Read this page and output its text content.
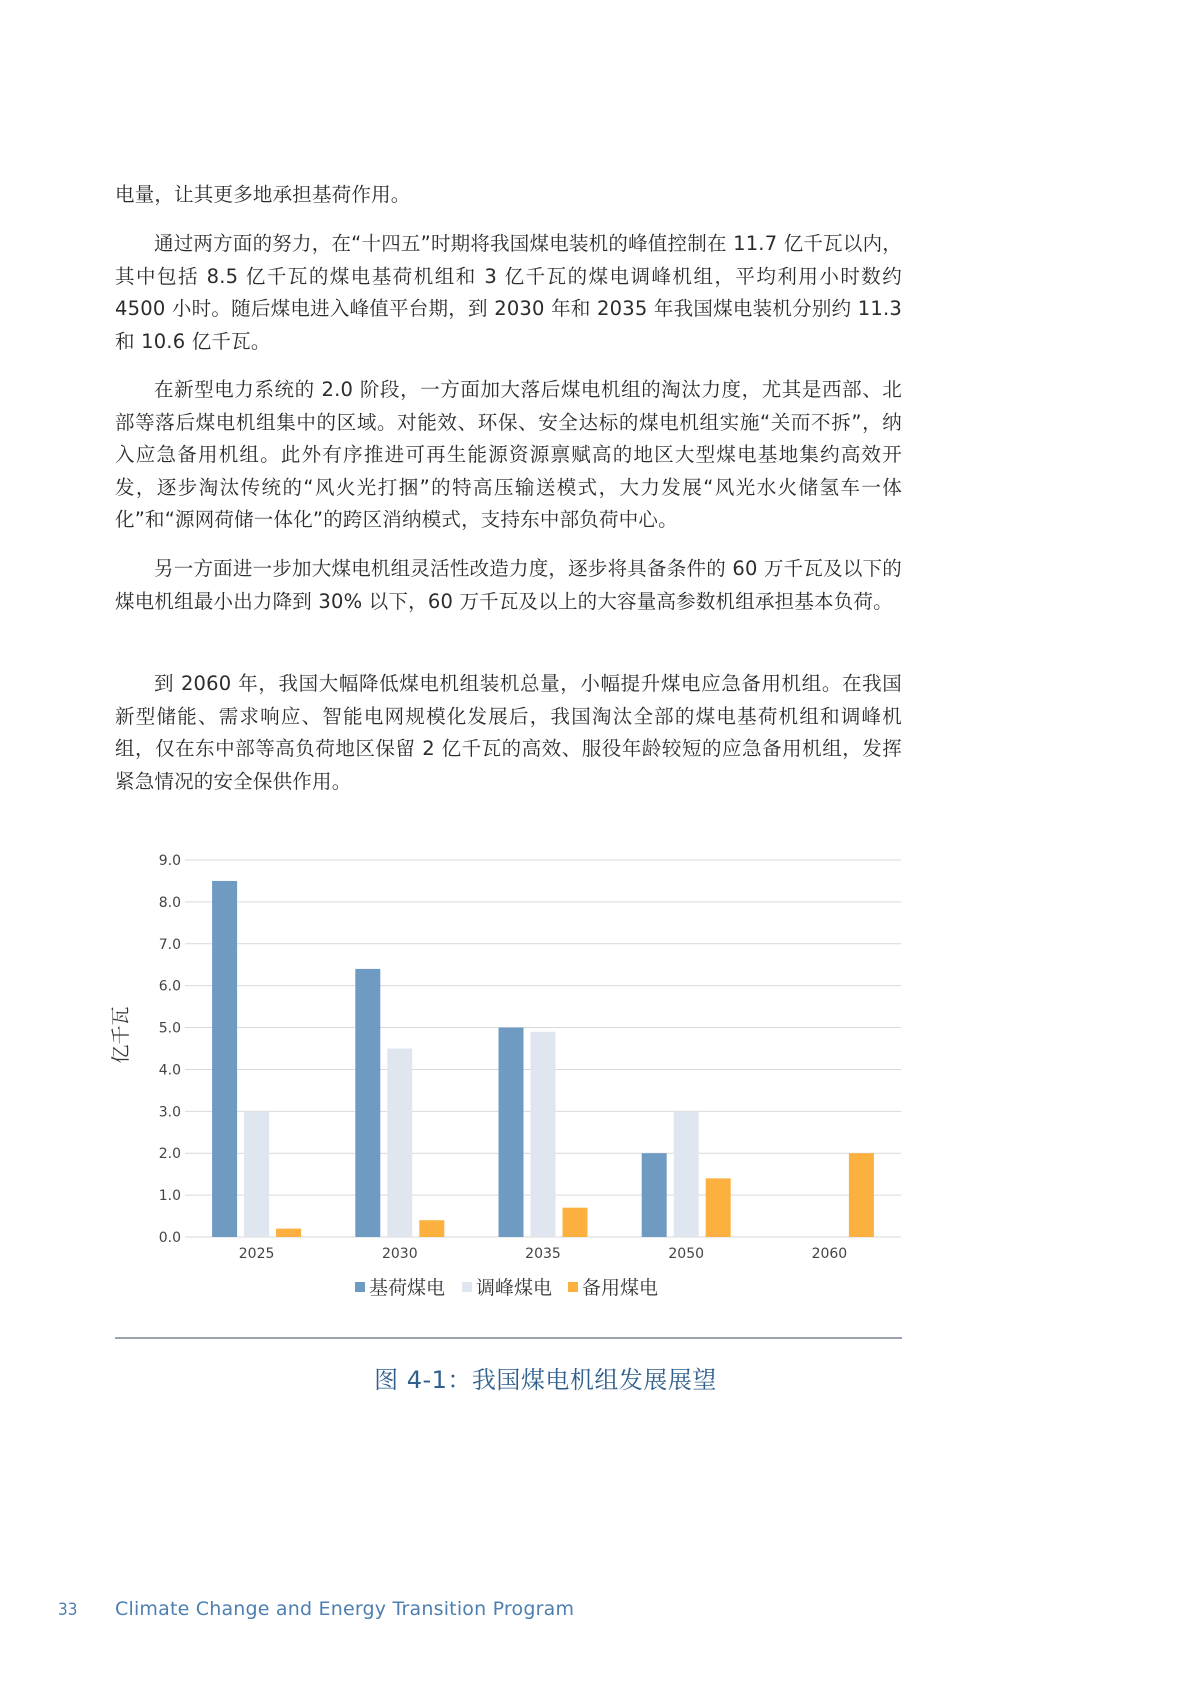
电量，让其更多地承担基荷作用。

通过两方面的努力，在“十四五”时期将我国煤电装机的峰值控制在 11.7 亿千瓦以内，其中包括 8.5 亿千瓦的煤电基荷机组和 3 亿千瓦的煤电调峰机组，平均利用小时数约 4500 小时。随后煤电进入峰值平台期，到 2030 年和 2035 年我国煤电装机分别约 11.3 和 10.6 亿千瓦。

在新型电力系统的 2.0 阶段，一方面加大落后煤电机组的淘汰力度，尤其是西部、北部等落后煤电机组集中的区域。对能效、环保、安全达标的煤电机组实施“关而不拆”，纳入应急备用机组。此外有序推进可再生能源资源禀赋高的地区大型煤电基地集约高效开发，逐步淘汰传统的“风火光打捆”的特高压输送模式，大力发展“风光水火储氢车一体化”和“源网荷储一体化”的跨区消纳模式，支持东中部负荷中心。

另一方面进一步加大煤电机组灵活性改造力度，逐步将具备条件的 60 万千瓦及以下的煤电机组最小出力降到 30% 以下，60 万千瓦及以上的大容量高参数机组承担基本负荷。

到 2060 年，我国大幅降低煤电机组装机总量，小幅提升煤电应急备用机组。在我国新型储能、需求响应、智能电网规模化发展后，我国淘汰全部的煤电基荷机组和调峰机组，仅在东中部等高负荷地区保留 2 亿千瓦的高效、服役年龄较短的应急备用机组，发挥紧急情况的安全保供作用。

0.0
1.0
2.0
3.0
4.0
5.0
6.0
7.0
8.0
9.0
2025	2030	2035	2050	2060
亿千瓦
基荷煤电 调峰煤电 备用煤电
图 4-1：我国煤电机组发展展望
33 Climate Change and Energy Transition Program
